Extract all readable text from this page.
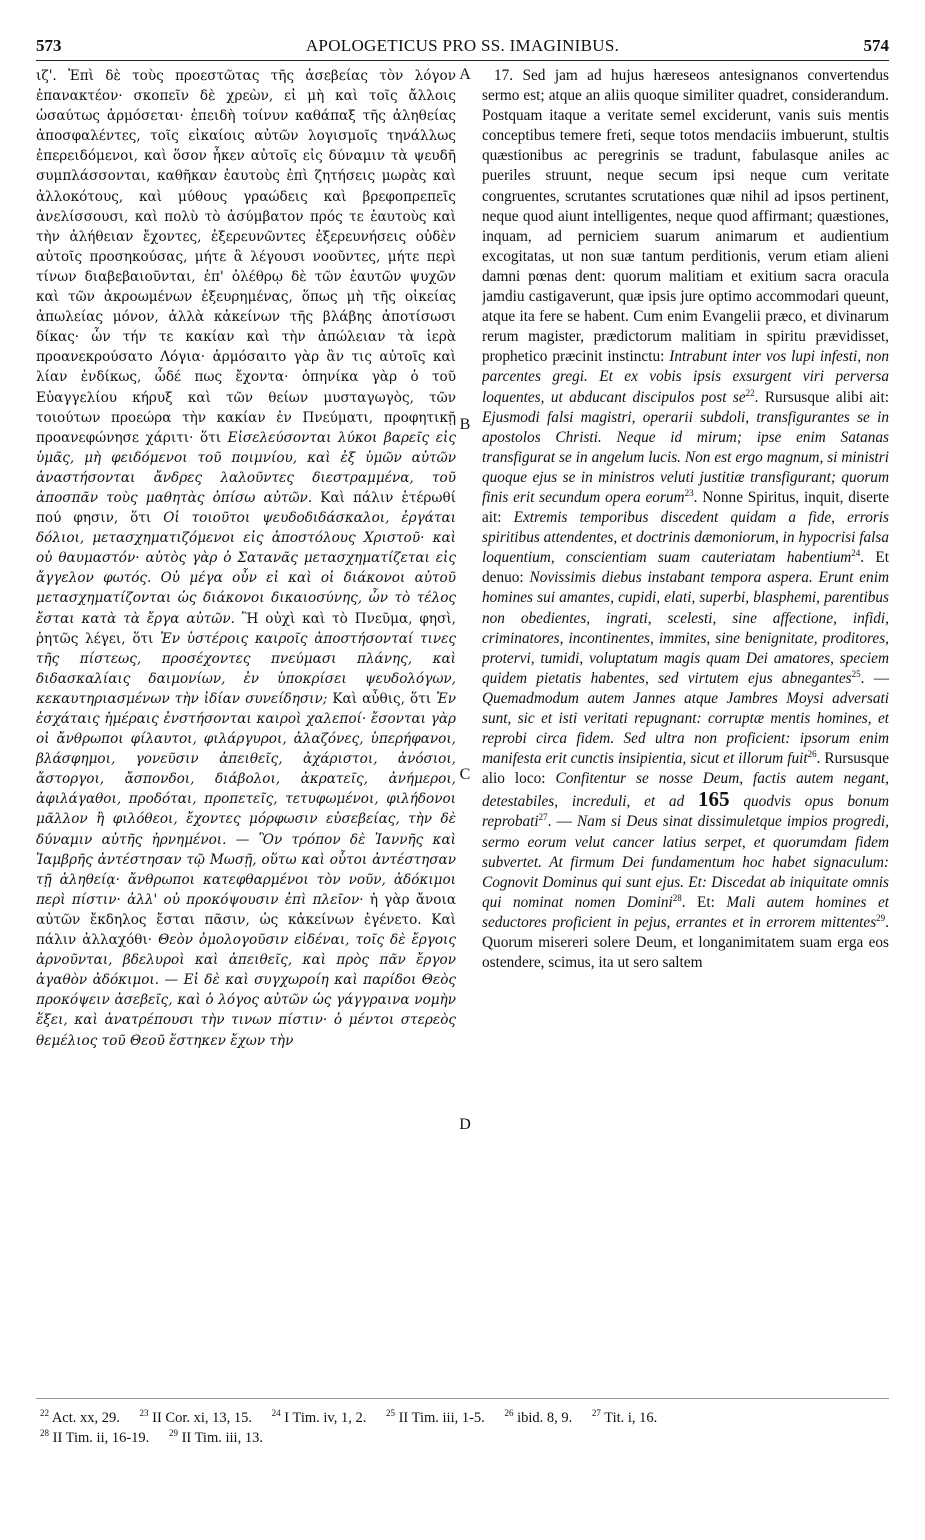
573	APOLOGETICUS PRO SS. IMAGINIBUS.	574

ιζ'. Ἐπὶ δὲ τοὺς προεστῶτας τῆς ἀσεβείας τὸν λόγον ἐπανακτέον· σκοπεῖν δὲ χρεὼν, εἰ μὴ καὶ τοῖς ἄλλοις ὡσαύτως ἁρμόσεται· ἐπειδὴ τοίνυν καθάπαξ τῆς ἀληθείας ἀποσφαλέντες, τοῖς εἰκαίοις αὐτῶν λογισμοῖς τηνάλλως ἐπερειδόμενοι, καὶ ὅσον ἧκεν αὐτοῖς εἰς δύναμιν τὰ ψευδῆ συμπλάσσονται, καθῆκαν ἑαυτοὺς ἐπὶ ζητήσεις μωρὰς καὶ ἀλλοκότους, καὶ μύθους γραώδεις καὶ βρεφοπρεπεῖς ἀνελίσσουσι, καὶ πολὺ τὸ ἀσύμβατον πρός τε ἑαυτοὺς καὶ τὴν ἀλήθειαν ἔχοντες, ἐξερευνῶντες ἐξερευνήσεις οὐδὲν αὐτοῖς προσηκούσας, μήτε ἃ λέγουσι νοοῦντες, μήτε περὶ τίνων διαβεβαιοῦνται, ἐπ' ὀλέθρῳ δὲ τῶν ἑαυτῶν ψυχῶν καὶ τῶν ἀκροωμένων ἐξευρημένας, ὅπως μὴ τῆς οἰκείας ἀπωλείας μόνον, ἀλλὰ κἀκείνων τῆς βλάβης ἀποτίσωσι δίκας· ὧν τήν τε κακίαν καὶ τὴν ἀπώλειαν τὰ ἱερὰ προανεκρούσατο Λόγια· ἁρμόσαιτο γὰρ ἂν τις αὐτοῖς καὶ λίαν ἐνδίκως, ὧδέ πως ἔχοντα· ὁπηνίκα γὰρ ὁ τοῦ Εὐαγγελίου κήρυξ καὶ τῶν θείων μυσταγωγὸς, τῶν τοιούτων προεώρα τὴν κακίαν ἐν Πνεύματι, προφητικῇ προανεφώνησε χάριτι· ὅτι Εἰσελεύσονται λύκοι βαρεῖς εἰς ὑμᾶς, μὴ φειδόμενοι τοῦ ποιμνίου, καὶ ἐξ ὑμῶν αὐτῶν ἀναστήσονται ἄνδρες λαλοῦντες διεστραμμένα, τοῦ ἀποσπᾶν τοὺς μαθητὰς ὀπίσω αὐτῶν. Καὶ πάλιν ἑτέρωθί πού φησιν, ὅτι Οἱ τοιοῦτοι ψευδοδιδάσκαλοι, ἐργάται δόλιοι, μετασχηματιζόμενοι εἰς ἀποστόλους Χριστοῦ· καὶ οὐ θαυμαστόν· αὐτὸς γὰρ ὁ Σατανᾶς μετασχηματίζεται εἰς ἄγγελον φωτός. Οὐ μέγα οὖν εἰ καὶ οἱ διάκονοι αὐτοῦ μετασχηματίζονται ὡς διάκονοι δικαιοσύνης, ὧν τὸ τέλος ἔσται κατὰ τὰ ἔργα αὐτῶν. Ἢ οὐχὶ καὶ τὸ Πνεῦμα, φησὶ, ῥητῶς λέγει, ὅτι Ἐν ὑστέροις καιροῖς ἀποστήσονταί τινες τῆς πίστεως, προσέχοντες πνεύμασι πλάνης, καὶ διδασκαλίαις δαιμονίων, ἐν ὑποκρίσει ψευδολόγων, κεκαυτηριασμένων τὴν ἰδίαν συνείδησιν; Καὶ αὖθις, ὅτι Ἐν ἐσχάταις ἡμέραις ἐνστήσονται καιροὶ χαλεποί· ἔσονται γὰρ οἱ ἄνθρωποι φίλαυτοι, φιλάργυροι, ἀλαζόνες, ὑπερήφανοι, βλάσφημοι, γονεῦσιν ἀπειθεῖς, ἀχάριστοι, ἀνόσιοι, ἄστοργοι, ἄσπονδοι, διάβολοι, ἀκρατεῖς, ἀνήμεροι, ἀφιλάγαθοι, προδόται, προπετεῖς, τετυφωμένοι, φιλήδονοι μᾶλλον ἢ φιλόθεοι, ἔχοντες μόρφωσιν εὐσεβείας, τὴν δὲ δύναμιν αὐτῆς ἠρνημένοι. — Ὃν τρόπον δὲ Ἰαννῆς καὶ Ἰαμβρῆς ἀντέστησαν τῷ Μωσῇ, οὕτω καὶ οὗτοι ἀντέστησαν τῇ ἀληθείᾳ· ἄνθρωποι κατεφθαρμένοι τὸν νοῦν, ἀδόκιμοι περὶ πίστιν· ἀλλ' οὐ προκόψουσιν ἐπὶ πλεῖον· ἡ γὰρ ἄνοια αὐτῶν ἔκδηλος ἔσται πᾶσιν, ὡς κἀκείνων ἐγένετο. Καὶ πάλιν ἀλλαχόθι· Θεὸν ὁμολογοῦσιν εἰδέναι, τοῖς δὲ ἔργοις ἀρνοῦνται, βδελυροὶ καὶ ἀπειθεῖς, καὶ πρὸς πᾶν ἔργον ἀγαθὸν ἀδόκιμοι. — Εἰ δὲ καὶ συγχωροίη καὶ παρίδοι Θεὸς προκόψειν ἀσεβεῖς, καὶ ὁ λόγος αὐτῶν ὡς γάγγραινα νομὴν ἕξει, καὶ ἀνατρέπουσι τὴν τινων πίστιν· ὁ μέντοι στερεὸς θεμέλιος τοῦ Θεοῦ ἕστηκεν ἔχων τὴν

A
B
C
D

17. Sed jam ad hujus hæreseos antesignanos convertendus sermo est; atque an aliis quoque similiter quadret, considerandum. Postquam itaque a veritate semel exciderunt, vanis suis mentis conceptibus temere freti, seque totos mendaciis imbuerunt, stultis quæstionibus ac peregrinis se tradunt, fabulasque aniles ac pueriles struunt, neque secum ipsi neque cum veritate congruentes, scrutantes scrutationes quæ nihil ad ipsos pertinent, neque quod aiunt intelligentes, neque quod affirmant; quæstiones, inquam, ad perniciem suarum animarum et audientium excogitatas, ut non suæ tantum perditionis, verum etiam alieni damni pœnas dent: quorum malitiam et exitium sacra oracula jamdiu castigaverunt, quæ ipsis jure optimo accommodari queunt, atque ita fere se habent. Cum enim Evangelii præco, et divinarum rerum magister, prædictorum malitiam in spiritu prævidisset, prophetico præcinit instinctu: Intrabunt inter vos lupi infesti, non parcentes gregi. Et ex vobis ipsis exsurgent viri perversa loquentes, ut abducant discipulos post $se^{22}$. Rursusque alibi ait: Ejusmodi falsi magistri, operarii subdoli, transfigurantes se in apostolos Christi. Neque id mirum; ipse enim Satanas transfigurat se in angelum lucis. Non est ergo magnum, si ministri quoque ejus se in ministros veluti justitiæ transfigurant; quorum finis erit secundum opera eorum$^{23}$. Nonne Spiritus, inquit, diserte ait: Extremis temporibus discedent quidam a fide, erroris spiritibus attendentes, et doctrinis dæmoniorum, in hypocrisi falsa loquentium, conscientiam suam cauteriatam habentium$^{24}$. Et denuo: Novissimis diebus instabant tempora aspera. Erunt enim homines sui amantes, cupidi, elati, superbi, blasphemi, parentibus non obedientes, ingrati, scelesti, sine affectione, infidi, criminatores, incontinentes, immites, sine benignitate, proditores, protervi, tumidi, voluptatum magis quam Dei amatores, speciem quidem pietatis habentes, sed virtutem ejus abnegantes$^{25}$. — Quemadmodum autem Jannes atque Jambres Moysi adversati sunt, sic et isti veritati repugnant: corruptæ mentis homines, et reprobi circa fidem. Sed ultra non proficient: ipsorum enim manifesta erit cunctis insipientia, sicut et illorum fuit$^{26}$. Rursusque alio loco: Confitentur se nosse Deum, factis autem negant, detestabiles, increduli, et ad 165 quodvis opus bonum reprobati$^{27}$. — Nam si Deus sinat dissimuletque impios progredi, sermo eorum velut cancer latius serpet, et quorumdam fidem subvertet. At firmum Dei fundamentum hoc habet signaculum: Cognovit Dominus qui sunt ejus. Et: Discedat ab iniquitate omnis qui nominat nomen Domini$^{28}$. Et: Mali autem homines et seductores proficient in pejus, errantes et in errorem mittentes$^{29}$. Quorum misereri solere Deum, et longanimitatem suam erga eos ostendere, scimus, ita ut sero saltem

$^{22}$ Act. xx, 29. $^{23}$ II Cor. xi, 13, 15. $^{24}$ I Tim. iv, 1, 2. $^{25}$ II Tim. iii, 1-5. $^{26}$ ibid. 8, 9. $^{27}$ Tit. i, 16.
$^{28}$ II Tim. ii, 16-19. $^{29}$ II Tim. iii, 13.
